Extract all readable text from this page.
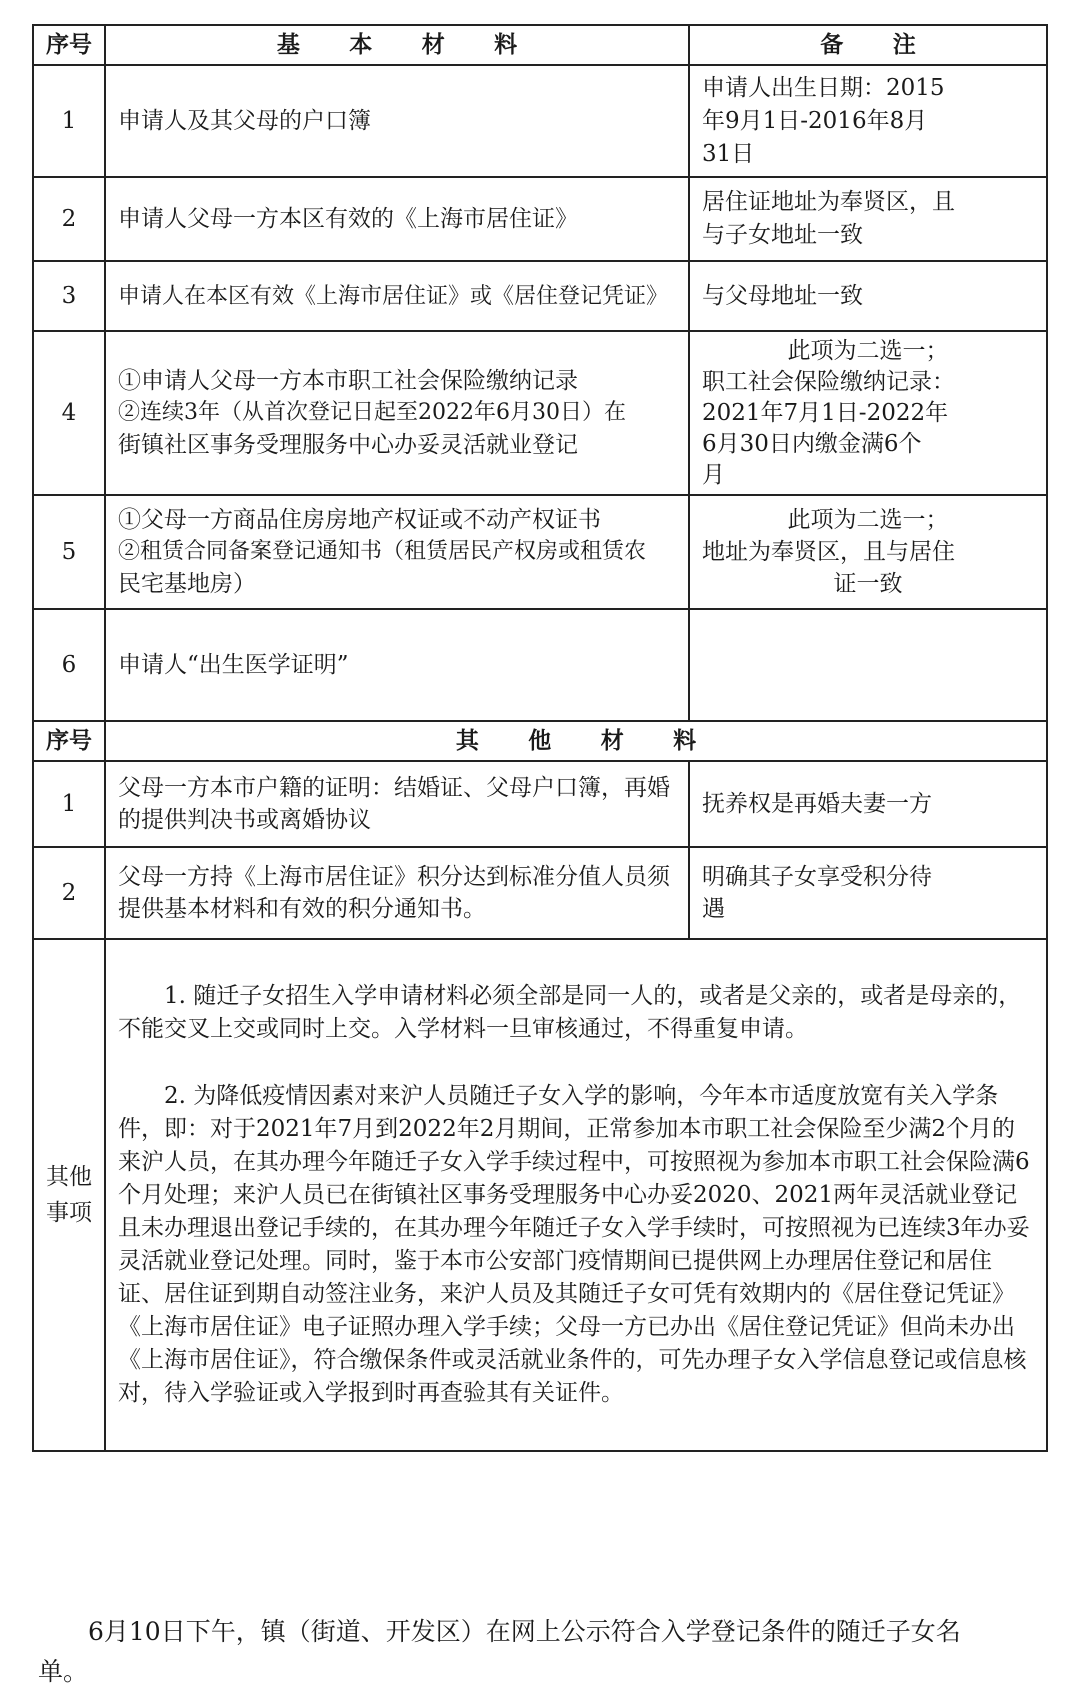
序号	基 本 材 料	备 注
1	申请人及其父母的户口簿	申请人出生日期：2015
年9月1日-2016年8月
31日

2	申请人父母一方本区有效的《上海市居住证》	居住证地址为奉贤区，且
与子女地址一致

3	申请人在本区有效《上海市居住证》或《居住登记凭证》	与父母地址一致

4	①申请人父母一方本市职工社会保险缴纳记录
②连续3年（从首次登记日起至2022年6月30日）在
街镇社区事务受理服务中心办妥灵活就业登记	此项为二选一；
职工社会保险缴纳记录：
2021年7月1日-2022年
6月30日内缴金满6个
月

5	①父母一方商品住房房地产权证或不动产权证书
②租赁合同备案登记通知书（租赁居民产权房或租赁农
民宅基地房）	此项为二选一；
地址为奉贤区，且与居住
证一致

6	申请人“出生医学证明”	

序号	其 他 材 料	
1	父母一方本市户籍的证明：结婚证、父母户口簿，再婚
的提供判决书或离婚协议	抚养权是再婚夫妻一方

2	父母一方持《上海市居住证》积分达到标准分值人员须
提供基本材料和有效的积分通知书。	明确其子女享受积分待
遇

其他
事项	1. 随迁子女招生入学申请材料必须全部是同一人的，或者是父亲的，或者是母亲的，不能交叉上交或同时上交。入学材料一旦审核通过，不得重复申请。
2. 为降低疫情因素对来沪人员随迁子女入学的影响，今年本市适度放宽有关入学条件，即：对于2021年7月到2022年2月期间，正常参加本市职工社会保险至少满2个月的来沪人员，在其办理今年随迁子女入学手续过程中，可按照视为参加本市职工社会保险满6个月处理；来沪人员已在街镇社区事务受理服务中心办妥2020、2021两年灵活就业登记且未办理退出登记手续的，在其办理今年随迁子女入学手续时，可按照视为已连续3年办妥灵活就业登记处理。同时，鉴于本市公安部门疫情期间已提供网上办理居住登记和居住证、居住证到期自动签注业务，来沪人员及其随迁子女可凭有效期内的《居住登记凭证》《上海市居住证》电子证照办理入学手续；父母一方已办出《居住登记凭证》但尚未办出《上海市居住证》，符合缴保条件或灵活就业条件的，可先办理子女入学信息登记或信息核对，待入学验证或入学报到时再查验其有关证件。	
6月10日下午，镇（街道、开发区）在网上公示符合入学登记条件的随迁子女名单。
